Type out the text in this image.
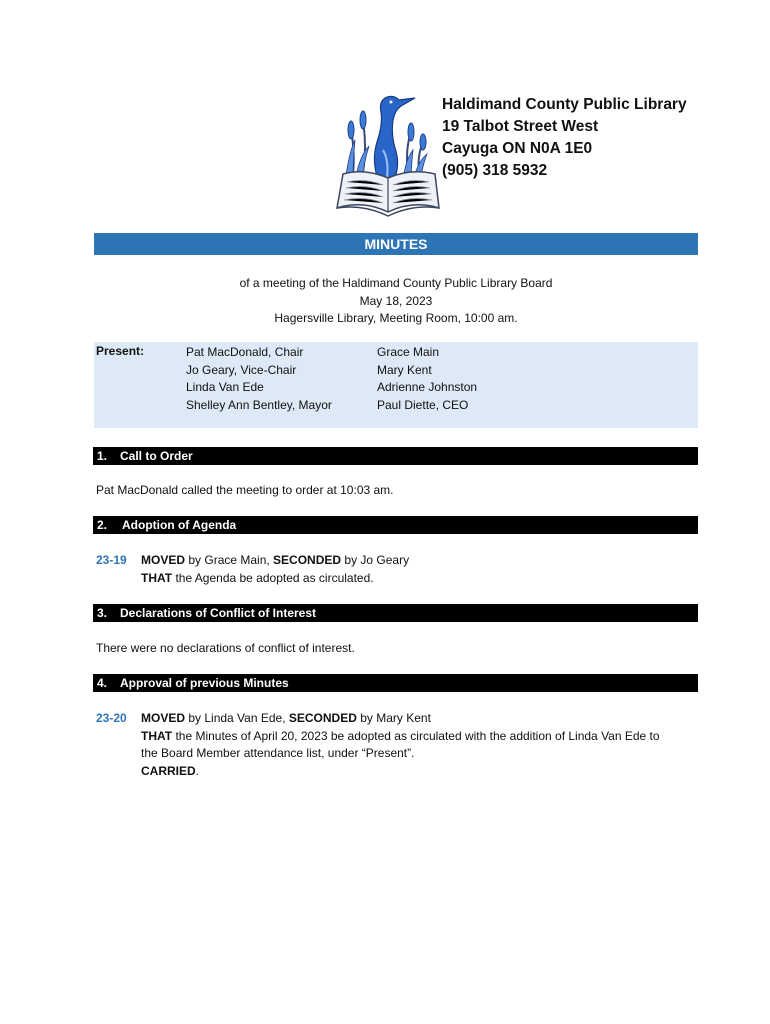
Haldimand County Public Library
19 Talbot Street West
Cayuga ON N0A 1E0
(905) 318 5932
MINUTES
of a meeting of the Haldimand County Public Library Board
May 18, 2023
Hagersville Library, Meeting Room, 10:00 am.
Present:	Pat MacDonald, Chair
Jo Geary, Vice-Chair
Linda Van Ede
Shelley Ann Bentley, Mayor
Grace Main
Mary Kent
Adrienne Johnston
Paul Diette, CEO
1. Call to Order
Pat MacDonald called the meeting to order at 10:03 am.
2. Adoption of Agenda
23-19 MOVED by Grace Main, SECONDED by Jo Geary
THAT the Agenda be adopted as circulated.
3. Declarations of Conflict of Interest
There were no declarations of conflict of interest.
4. Approval of previous Minutes
23-20 MOVED by Linda Van Ede, SECONDED by Mary Kent
THAT the Minutes of April 20, 2023 be adopted as circulated with the addition of Linda Van Ede to
the Board Member attendance list, under “Present”.
CARRIED.
